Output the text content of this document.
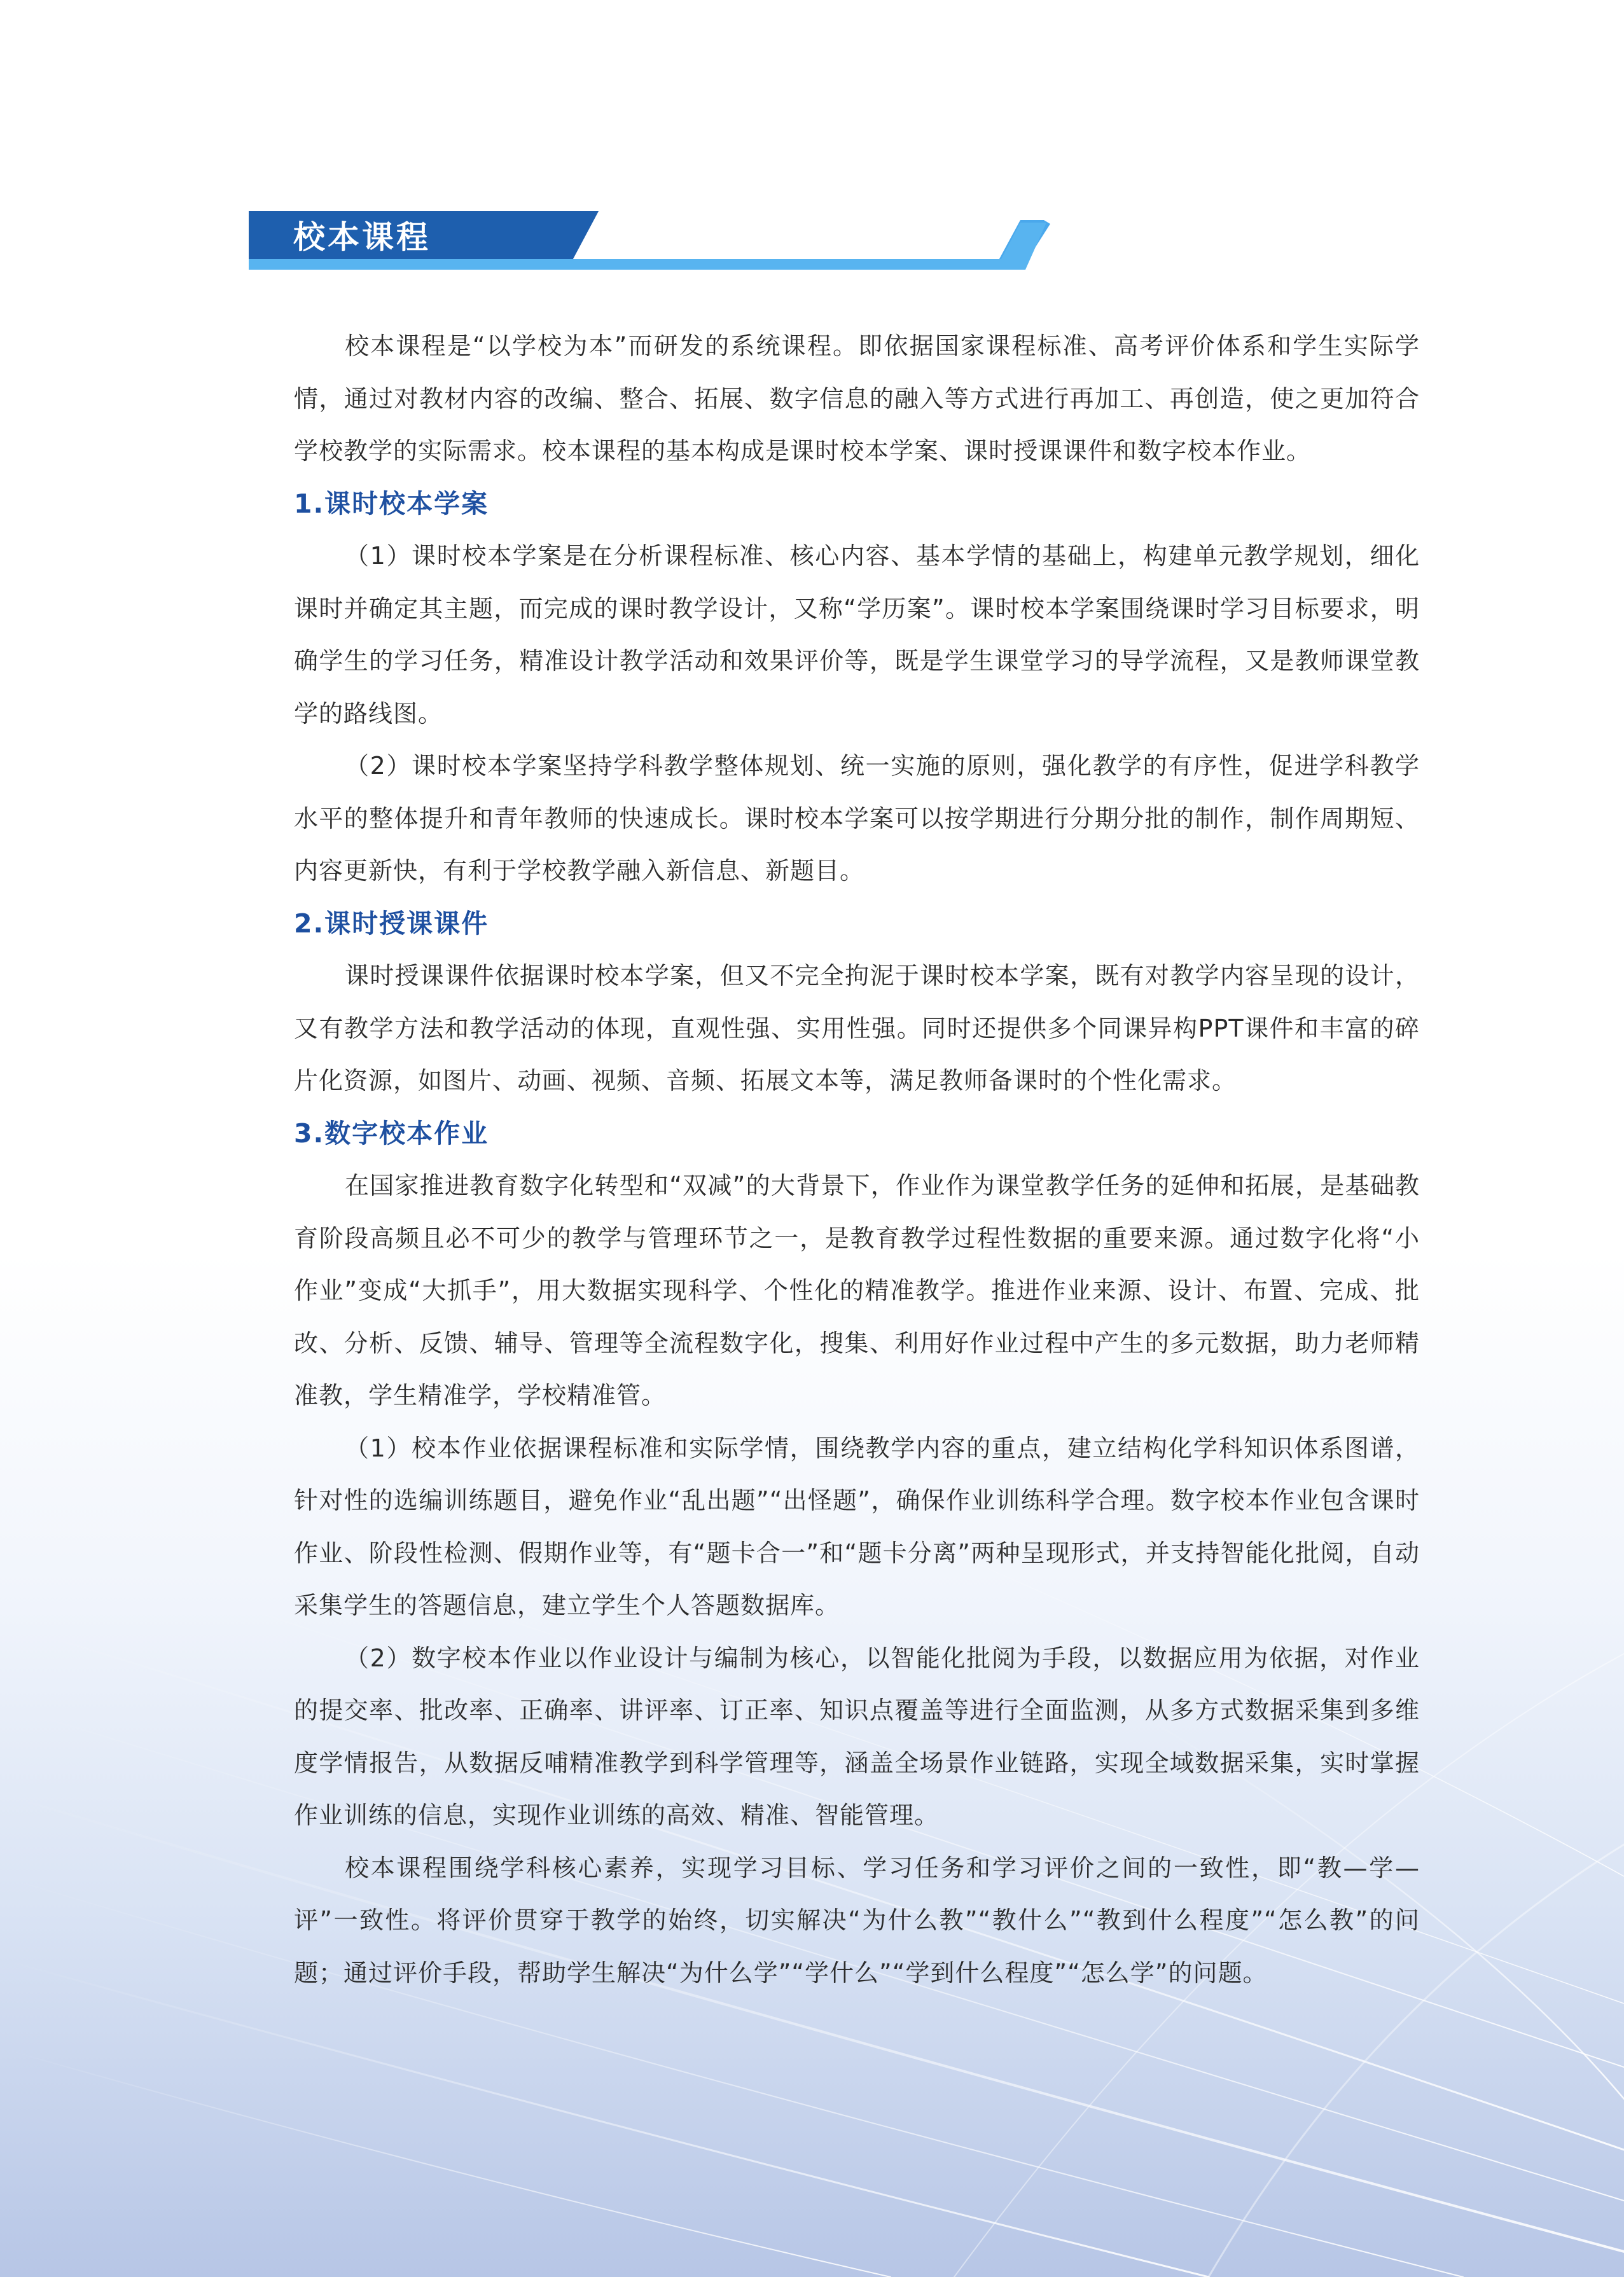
校本课程

校本课程是“以学校为本”而研发的系统课程。即依据国家课程标准、高考评价体系和学生实际学情，通过对教材内容的改编、整合、拓展、数字信息的融入等方式进行再加工、再创造，使之更加符合学校教学的实际需求。校本课程的基本构成是课时校本学案、课时授课课件和数字校本作业。

1.课时校本学案

（1）课时校本学案是在分析课程标准、核心内容、基本学情的基础上，构建单元教学规划，细化课时并确定其主题，而完成的课时教学设计，又称“学历案”。课时校本学案围绕课时学习目标要求，明确学生的学习任务，精准设计教学活动和效果评价等，既是学生课堂学习的导学流程，又是教师课堂教学的路线图。

（2）课时校本学案坚持学科教学整体规划、统一实施的原则，强化教学的有序性，促进学科教学水平的整体提升和青年教师的快速成长。课时校本学案可以按学期进行分期分批的制作，制作周期短、内容更新快，有利于学校教学融入新信息、新题目。

2.课时授课课件

课时授课课件依据课时校本学案，但又不完全拘泥于课时校本学案，既有对教学内容呈现的设计，又有教学方法和教学活动的体现，直观性强、实用性强。同时还提供多个同课异构PPT课件和丰富的碎片化资源，如图片、动画、视频、音频、拓展文本等，满足教师备课时的个性化需求。

3.数字校本作业

在国家推进教育数字化转型和“双减”的大背景下，作业作为课堂教学任务的延伸和拓展，是基础教育阶段高频且必不可少的教学与管理环节之一，是教育教学过程性数据的重要来源。通过数字化将“小作业”变成“大抓手”，用大数据实现科学、个性化的精准教学。推进作业来源、设计、布置、完成、批改、分析、反馈、辅导、管理等全流程数字化，搜集、利用好作业过程中产生的多元数据，助力老师精准教，学生精准学，学校精准管。

（1）校本作业依据课程标准和实际学情，围绕教学内容的重点，建立结构化学科知识体系图谱，针对性的选编训练题目，避免作业“乱出题”“出怪题”，确保作业训练科学合理。数字校本作业包含课时作业、阶段性检测、假期作业等，有“题卡合一”和“题卡分离”两种呈现形式，并支持智能化批阅，自动采集学生的答题信息，建立学生个人答题数据库。

（2）数字校本作业以作业设计与编制为核心，以智能化批阅为手段，以数据应用为依据，对作业的提交率、批改率、正确率、讲评率、订正率、知识点覆盖等进行全面监测，从多方式数据采集到多维度学情报告，从数据反哺精准教学到科学管理等，涵盖全场景作业链路，实现全域数据采集，实时掌握作业训练的信息，实现作业训练的高效、精准、智能管理。

校本课程围绕学科核心素养，实现学习目标、学习任务和学习评价之间的一致性，即“教—学—评”一致性。将评价贯穿于教学的始终，切实解决“为什么教”“教什么”“教到什么程度”“怎么教”的问题；通过评价手段，帮助学生解决“为什么学”“学什么”“学到什么程度”“怎么学”的问题。
